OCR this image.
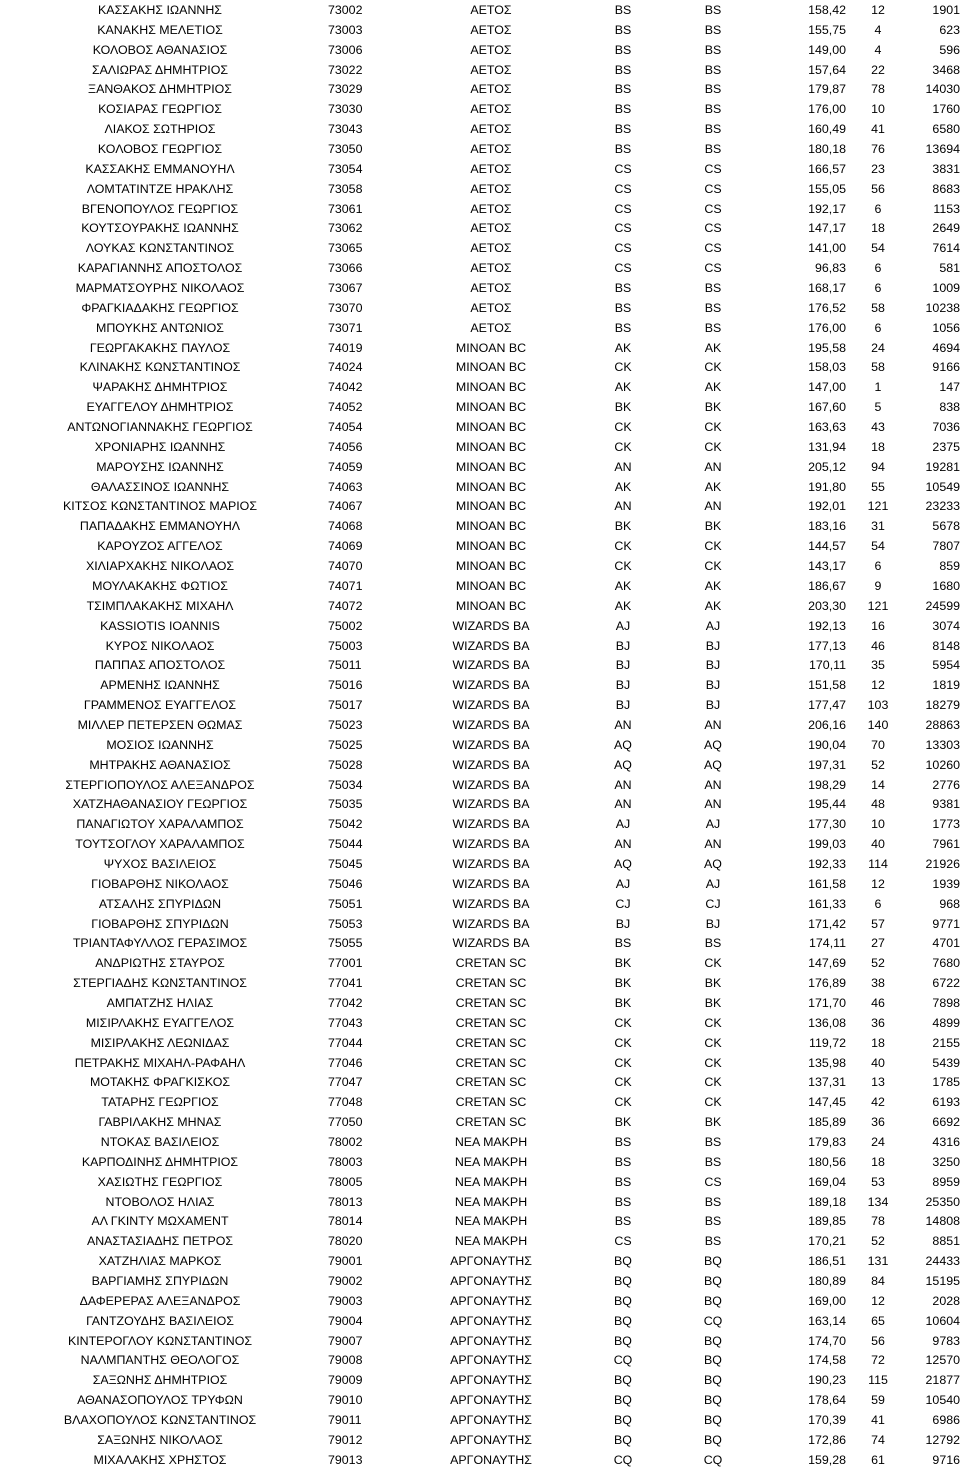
ΚΑΣΣΑΚΗΣ ΙΩΑΝΝΗΣ	73002	ΑΕΤΟΣ	BS	BS	158,42	12	1901
ΚΑΝΑΚΗΣ ΜΕΛΕΤΙΟΣ	73003	ΑΕΤΟΣ	BS	BS	155,75	4	623
ΚΟΛΟΒΟΣ ΑΘΑΝΑΣΙΟΣ	73006	ΑΕΤΟΣ	BS	BS	149,00	4	596
ΣΑΛΙΩΡΑΣ ΔΗΜΗΤΡΙΟΣ	73022	ΑΕΤΟΣ	BS	BS	157,64	22	3468
ΞΑΝΘΑΚΟΣ ΔΗΜΗΤΡΙΟΣ	73029	ΑΕΤΟΣ	BS	BS	179,87	78	14030
ΚΟΣΙΑΡΑΣ ΓΕΩΡΓΙΟΣ	73030	ΑΕΤΟΣ	BS	BS	176,00	10	1760
ΛΙΑΚΟΣ ΣΩΤΗΡΙΟΣ	73043	ΑΕΤΟΣ	BS	BS	160,49	41	6580
ΚΟΛΟΒΟΣ ΓΕΩΡΓΙΟΣ	73050	ΑΕΤΟΣ	BS	BS	180,18	76	13694
ΚΑΣΣΑΚΗΣ ΕΜΜΑΝΟΥΗΛ	73054	ΑΕΤΟΣ	CS	CS	166,57	23	3831
ΛΟΜΤΑΤΙΝΤΖΕ ΗΡΑΚΛΗΣ	73058	ΑΕΤΟΣ	CS	CS	155,05	56	8683
ΒΓΕΝΟΠΟΥΛΟΣ ΓΕΩΡΓΙΟΣ	73061	ΑΕΤΟΣ	CS	CS	192,17	6	1153
ΚΟΥΤΣΟΥΡΑΚΗΣ ΙΩΑΝΝΗΣ	73062	ΑΕΤΟΣ	CS	CS	147,17	18	2649
ΛΟΥΚΑΣ ΚΩΝΣΤΑΝΤΙΝΟΣ	73065	ΑΕΤΟΣ	CS	CS	141,00	54	7614
ΚΑΡΑΓΙΑΝΝΗΣ ΑΠΟΣΤΟΛΟΣ	73066	ΑΕΤΟΣ	CS	CS	96,83	6	581
ΜΑΡΜΑΤΣΟΥΡΗΣ ΝΙΚΟΛΑΟΣ	73067	ΑΕΤΟΣ	BS	BS	168,17	6	1009
ΦΡΑΓΚΙΑΔΑΚΗΣ ΓΕΩΡΓΙΟΣ	73070	ΑΕΤΟΣ	BS	BS	176,52	58	10238
ΜΠΟΥΚΗΣ ΑΝΤΩΝΙΟΣ	73071	ΑΕΤΟΣ	BS	BS	176,00	6	1056
ΓΕΩΡΓΑΚΑΚΗΣ ΠΑΥΛΟΣ	74019	MINOAN BC	AK	AK	195,58	24	4694
ΚΛΙΝΑΚΗΣ ΚΩΝΣΤΑΝΤΙΝΟΣ	74024	MINOAN BC	CK	CK	158,03	58	9166
ΨΑΡΑΚΗΣ ΔΗΜΗΤΡΙΟΣ	74042	MINOAN BC	AK	AK	147,00	1	147
ΕΥΑΓΓΕΛΟΥ ΔΗΜΗΤΡΙΟΣ	74052	MINOAN BC	BK	BK	167,60	5	838
ΑΝΤΩΝΟΓΙΑΝΝΑΚΗΣ ΓΕΩΡΓΙΟΣ	74054	MINOAN BC	CK	CK	163,63	43	7036
ΧΡΟΝΙΑΡΗΣ ΙΩΑΝΝΗΣ	74056	MINOAN BC	CK	CK	131,94	18	2375
ΜΑΡΟΥΣΗΣ ΙΩΑΝΝΗΣ	74059	MINOAN BC	AN	AN	205,12	94	19281
ΘΑΛΑΣΣΙΝΟΣ ΙΩΑΝΝΗΣ	74063	MINOAN BC	AK	AK	191,80	55	10549
ΚΙΤΣΟΣ ΚΩΝΣΤΑΝΤΙΝΟΣ ΜΑΡΙΟΣ	74067	MINOAN BC	AN	AN	192,01	121	23233
ΠΑΠΑΔΑΚΗΣ ΕΜΜΑΝΟΥΗΛ	74068	MINOAN BC	BK	BK	183,16	31	5678
ΚΑΡΟΥΖΟΣ ΑΓΓΕΛΟΣ	74069	MINOAN BC	CK	CK	144,57	54	7807
ΧΙΛΙΑΡΧΑΚΗΣ ΝΙΚΟΛΑΟΣ	74070	MINOAN BC	CK	CK	143,17	6	859
ΜΟΥΛΑΚΑΚΗΣ ΦΩΤΙΟΣ	74071	MINOAN BC	AK	AK	186,67	9	1680
ΤΣΙΜΠΛΑΚΑΚΗΣ ΜΙΧΑΗΛ	74072	MINOAN BC	AK	AK	203,30	121	24599
KASSIOTIS IOANNIS	75002	WIZARDS BA	AJ	AJ	192,13	16	3074
ΚΥΡΟΣ ΝΙΚΟΛΑΟΣ	75003	WIZARDS BA	BJ	BJ	177,13	46	8148
ΠΑΠΠΑΣ ΑΠΟΣΤΟΛΟΣ	75011	WIZARDS BA	BJ	BJ	170,11	35	5954
ΑΡΜΕΝΗΣ ΙΩΑΝΝΗΣ	75016	WIZARDS BA	BJ	BJ	151,58	12	1819
ΓΡΑΜΜΕΝΟΣ ΕΥΑΓΓΕΛΟΣ	75017	WIZARDS BA	BJ	BJ	177,47	103	18279
ΜΙΛΛΕΡ ΠΕΤΕΡΣΕΝ ΘΩΜΑΣ	75023	WIZARDS BA	AN	AN	206,16	140	28863
ΜΟΣΙΟΣ ΙΩΑΝΝΗΣ	75025	WIZARDS BA	AQ	AQ	190,04	70	13303
ΜΗΤΡΑΚΗΣ ΑΘΑΝΑΣΙΟΣ	75028	WIZARDS BA	AQ	AQ	197,31	52	10260
ΣΤΕΡΓΙΟΠΟΥΛΟΣ ΑΛΕΞΑΝΔΡΟΣ	75034	WIZARDS BA	AN	AN	198,29	14	2776
ΧΑΤΖΗΑΘΑΝΑΣΙΟΥ ΓΕΩΡΓΙΟΣ	75035	WIZARDS BA	AN	AN	195,44	48	9381
ΠΑΝΑΓΙΩΤΟΥ ΧΑΡΑΛΑΜΠΟΣ	75042	WIZARDS BA	AJ	AJ	177,30	10	1773
ΤΟΥΤΣΟΓΛΟΥ ΧΑΡΑΛΑΜΠΟΣ	75044	WIZARDS BA	AN	AN	199,03	40	7961
ΨΥΧΟΣ ΒΑΣΙΛΕΙΟΣ	75045	WIZARDS BA	AQ	AQ	192,33	114	21926
ΓΙΟΒΑΡΘΗΣ ΝΙΚΟΛΑΟΣ	75046	WIZARDS BA	AJ	AJ	161,58	12	1939
ΑΤΣΑΛΗΣ ΣΠΥΡΙΔΩΝ	75051	WIZARDS BA	CJ	CJ	161,33	6	968
ΓΙΟΒΑΡΘΗΣ ΣΠΥΡΙΔΩΝ	75053	WIZARDS BA	BJ	BJ	171,42	57	9771
ΤΡΙΑΝΤΑΦΥΛΛΟΣ ΓΕΡΑΣΙΜΟΣ	75055	WIZARDS BA	BS	BS	174,11	27	4701
ΑΝΔΡΙΩΤΗΣ ΣΤΑΥΡΟΣ	77001	CRETAN SC	BK	CK	147,69	52	7680
ΣΤΕΡΓΙΑΔΗΣ ΚΩΝΣΤΑΝΤΙΝΟΣ	77041	CRETAN SC	BK	BK	176,89	38	6722
ΑΜΠΑΤΖΗΣ ΗΛΙΑΣ	77042	CRETAN SC	BK	BK	171,70	46	7898
ΜΙΣΙΡΛΑΚΗΣ ΕΥΑΓΓΕΛΟΣ	77043	CRETAN SC	CK	CK	136,08	36	4899
ΜΙΣΙΡΛΑΚΗΣ ΛΕΩΝΙΔΑΣ	77044	CRETAN SC	CK	CK	119,72	18	2155
ΠΕΤΡΑΚΗΣ ΜΙΧΑΗΛ-ΡΑΦΑΗΛ	77046	CRETAN SC	CK	CK	135,98	40	5439
ΜΟΤΑΚΗΣ ΦΡΑΓΚΙΣΚΟΣ	77047	CRETAN SC	CK	CK	137,31	13	1785
ΤΑΤΑΡΗΣ ΓΕΩΡΓΙΟΣ	77048	CRETAN SC	CK	CK	147,45	42	6193
ΓΑΒΡΙΛΑΚΗΣ ΜΗΝΑΣ	77050	CRETAN SC	BK	BK	185,89	36	6692
ΝΤΟΚΑΣ ΒΑΣΙΛΕΙΟΣ	78002	ΝΕΑ ΜΑΚΡΗ	BS	BS	179,83	24	4316
ΚΑΡΠΟΔΙΝΗΣ ΔΗΜΗΤΡΙΟΣ	78003	ΝΕΑ ΜΑΚΡΗ	BS	BS	180,56	18	3250
ΧΑΣΙΩΤΗΣ ΓΕΩΡΓΙΟΣ	78005	ΝΕΑ ΜΑΚΡΗ	BS	CS	169,04	53	8959
ΝΤΟΒΟΛΟΣ ΗΛΙΑΣ	78013	ΝΕΑ ΜΑΚΡΗ	BS	BS	189,18	134	25350
ΑΛ ΓΚΙΝΤΥ ΜΩΧΑΜΕΝΤ	78014	ΝΕΑ ΜΑΚΡΗ	BS	BS	189,85	78	14808
ΑΝΑΣΤΑΣΙΑΔΗΣ ΠΕΤΡΟΣ	78020	ΝΕΑ ΜΑΚΡΗ	CS	BS	170,21	52	8851
ΧΑΤΖΗΛΙΑΣ ΜΑΡΚΟΣ	79001	ΑΡΓΟΝΑΥΤΗΣ	BQ	BQ	186,51	131	24433
ΒΑΡΓΙΑΜΗΣ ΣΠΥΡΙΔΩΝ	79002	ΑΡΓΟΝΑΥΤΗΣ	BQ	BQ	180,89	84	15195
ΔΑΦΕΡΕΡΑΣ ΑΛΕΞΑΝΔΡΟΣ	79003	ΑΡΓΟΝΑΥΤΗΣ	BQ	BQ	169,00	12	2028
ΓΑΝΤΖΟΥΔΗΣ ΒΑΣΙΛΕΙΟΣ	79004	ΑΡΓΟΝΑΥΤΗΣ	BQ	CQ	163,14	65	10604
ΚΙΝΤΕΡΟΓΛΟΥ ΚΩΝΣΤΑΝΤΙΝΟΣ	79007	ΑΡΓΟΝΑΥΤΗΣ	BQ	BQ	174,70	56	9783
ΝΑΛΜΠΑΝΤΗΣ ΘΕΟΛΟΓΟΣ	79008	ΑΡΓΟΝΑΥΤΗΣ	CQ	BQ	174,58	72	12570
ΣΑΞΩΝΗΣ ΔΗΜΗΤΡΙΟΣ	79009	ΑΡΓΟΝΑΥΤΗΣ	BQ	BQ	190,23	115	21877
ΑΘΑΝΑΣΟΠΟΥΛΟΣ ΤΡΥΦΩΝ	79010	ΑΡΓΟΝΑΥΤΗΣ	BQ	BQ	178,64	59	10540
ΒΛΑΧΟΠΟΥΛΟΣ ΚΩΝΣΤΑΝΤΙΝΟΣ	79011	ΑΡΓΟΝΑΥΤΗΣ	BQ	BQ	170,39	41	6986
ΣΑΞΩΝΗΣ ΝΙΚΟΛΑΟΣ	79012	ΑΡΓΟΝΑΥΤΗΣ	BQ	BQ	172,86	74	12792
ΜΙΧΑΛΑΚΗΣ ΧΡΗΣΤΟΣ	79013	ΑΡΓΟΝΑΥΤΗΣ	CQ	CQ	159,28	61	9716
